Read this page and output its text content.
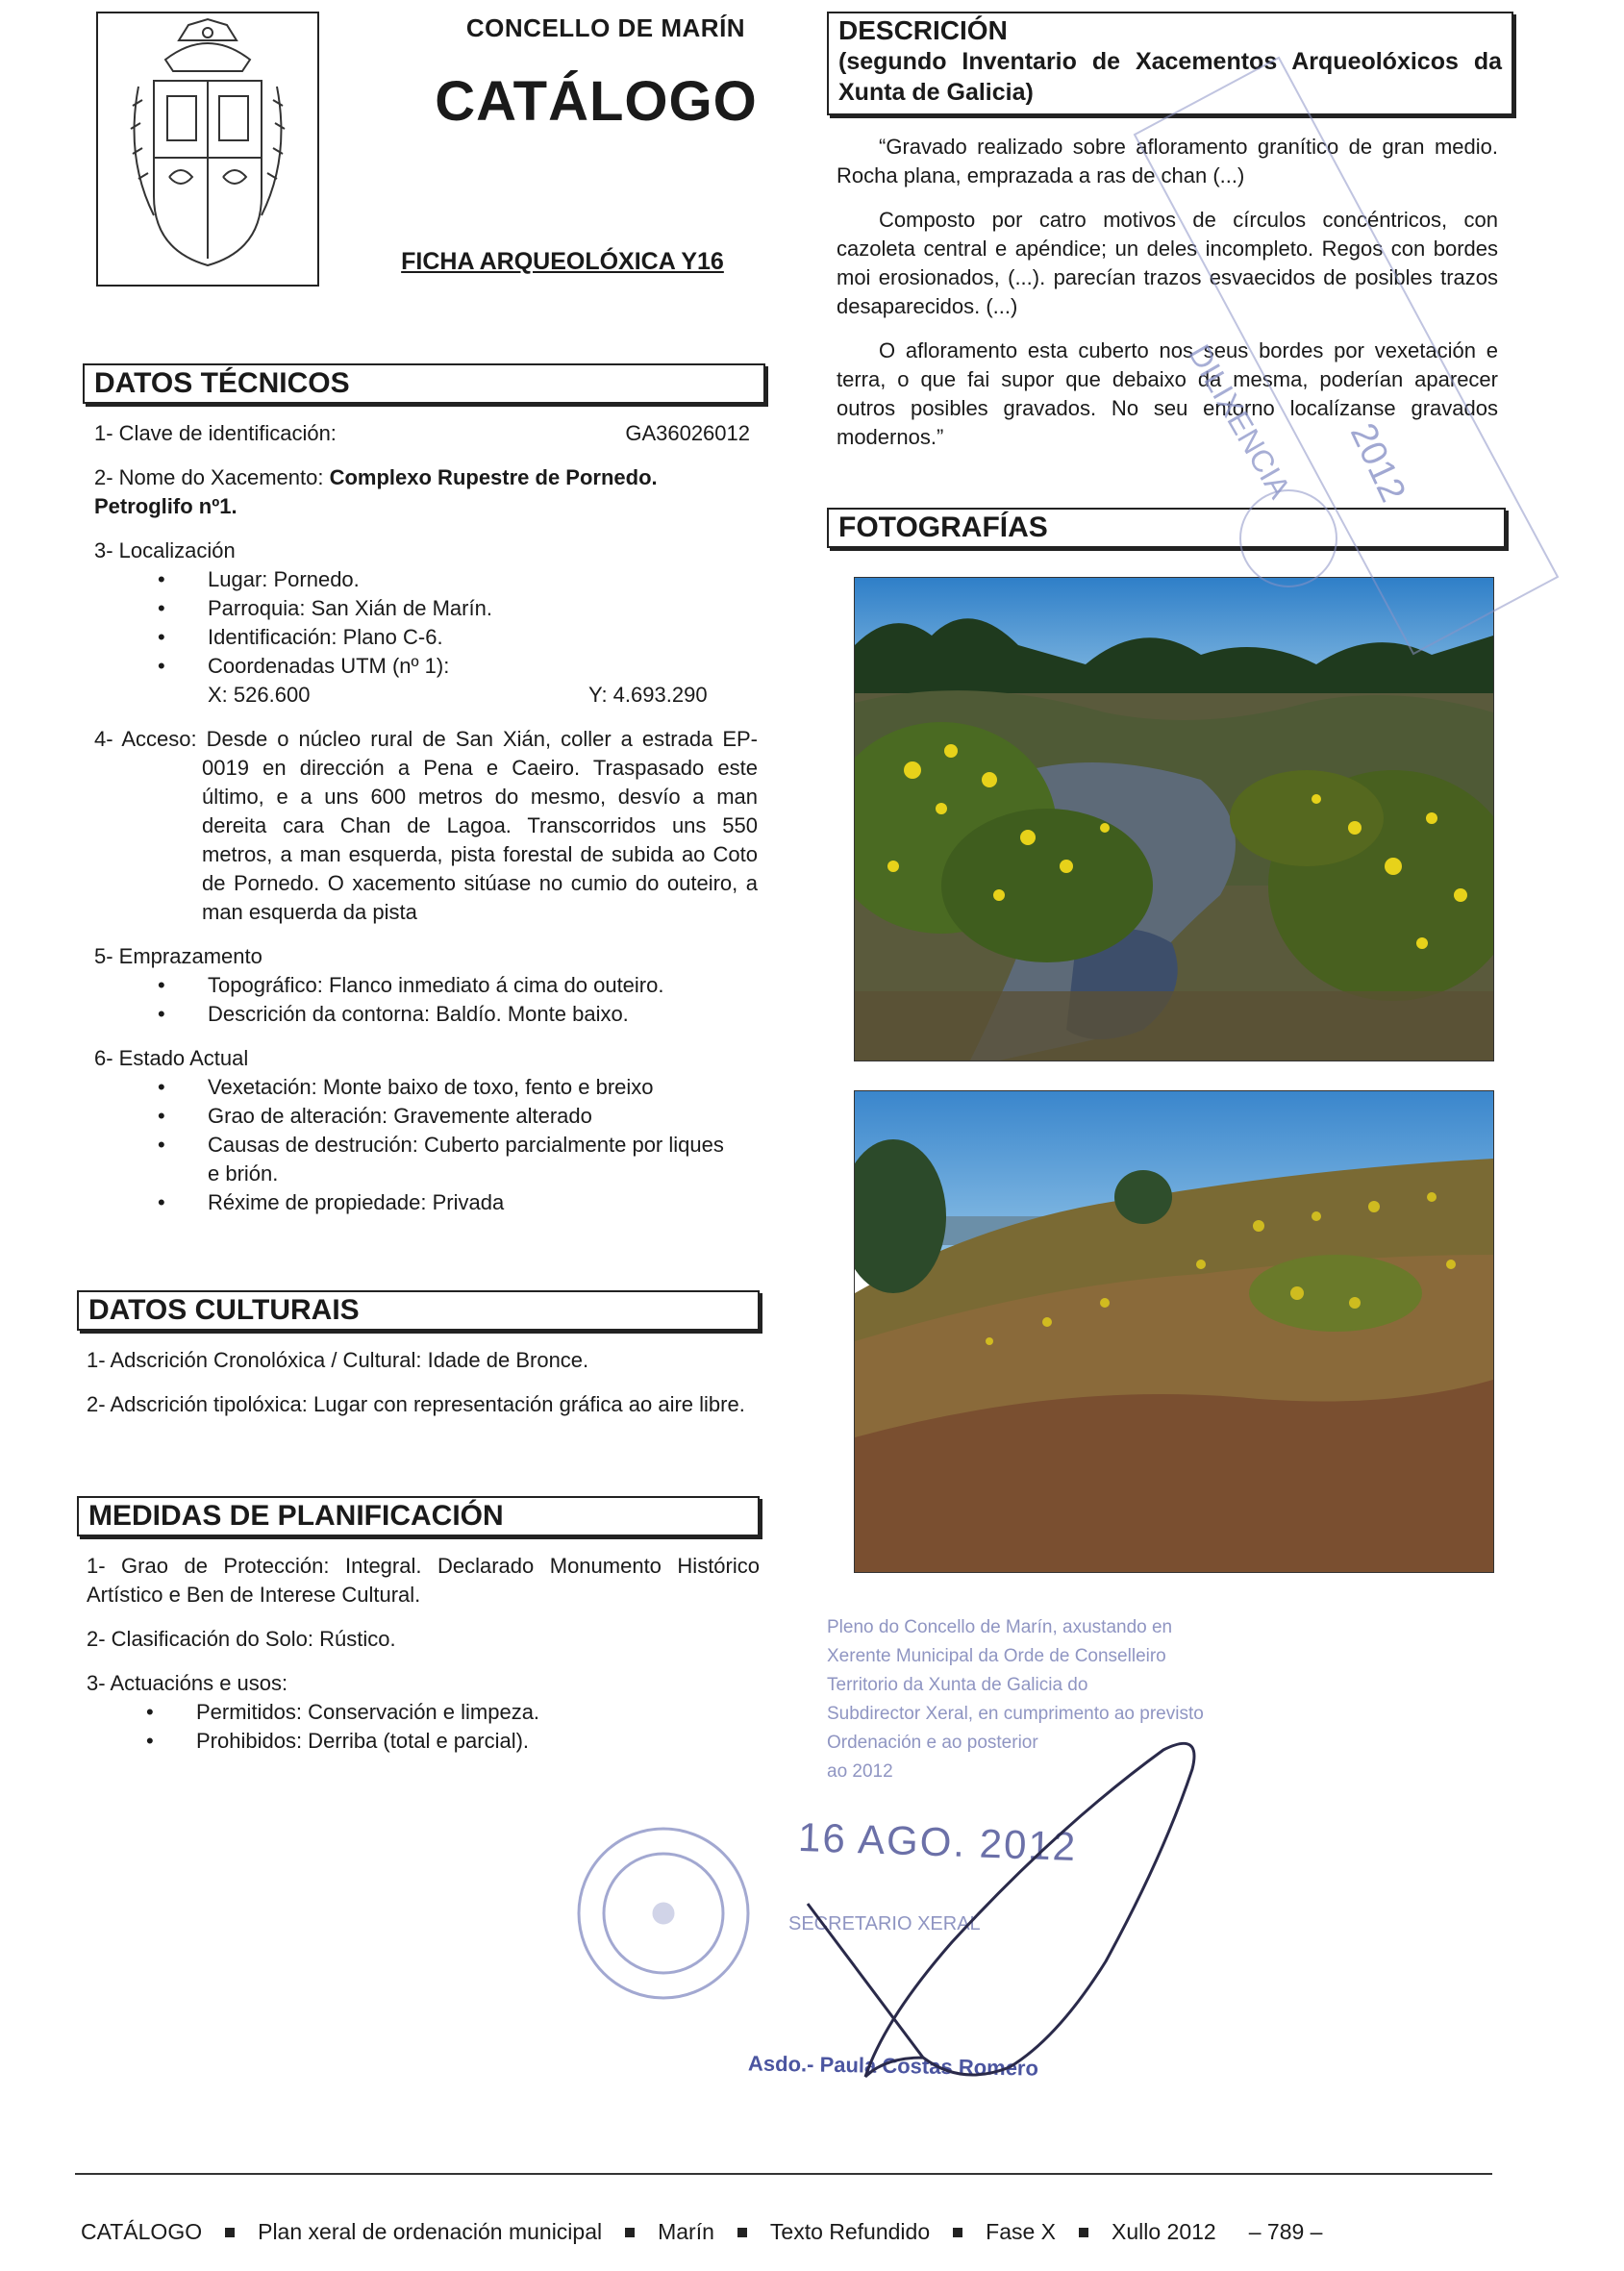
CONCELLO DE MARÍN
CATÁLOGO
FICHA ARQUEOLÓXICA Y16
DATOS TÉCNICOS
1- Clave de identificación:	GA36026012
2- Nome do Xacemento: Complexo Rupestre de Pornedo. Petroglifo nº1.
3- Localización
• Lugar: Pornedo.
• Parroquia: San Xián de Marín.
• Identificación: Plano C-6.
• Coordenadas UTM (nº 1):
X: 526.600	Y: 4.693.290
4- Acceso: Desde o núcleo rural de San Xián, coller a estrada EP-0019 en dirección a Pena e Caeiro. Traspasado este último, e a uns 600 metros do mesmo, desvío a man dereita cara Chan de Lagoa. Transcorridos uns 550 metros, a man esquerda, pista forestal de subida ao Coto de Pornedo. O xacemento sitúase no cumio do outeiro, a man esquerda da pista
5- Emprazamento
• Topográfico: Flanco inmediato á cima do outeiro.
• Descrición da contorna: Baldío. Monte baixo.
6- Estado Actual
• Vexetación: Monte baixo de toxo, fento e breixo
• Grao de alteración: Gravemente alterado
• Causas de destrución: Cuberto parcialmente por liques e brión.
• Réxime de propiedade: Privada
DATOS CULTURAIS
1- Adscrición Cronolóxica / Cultural: Idade de Bronce.
2- Adscrición tipolóxica: Lugar con representación gráfica ao aire libre.
MEDIDAS DE PLANIFICACIÓN
1- Grao de Protección: Integral. Declarado Monumento Histórico Artístico e Ben de Interese Cultural.
2- Clasificación do Solo: Rústico.
3- Actuacións e usos:
• Permitidos: Conservación e limpeza.
• Prohibidos: Derriba (total e parcial).
DESCRICIÓN
(segundo Inventario de Xacementos Arqueolóxicos da Xunta de Galicia)

“Gravado realizado sobre afloramento granítico de gran medio. Rocha plana, emprazada a ras de chan (...)

Composto por catro motivos de círculos concéntricos, con cazoleta central e apéndice; un deles incompleto. Regos con bordes moi erosionados, (...). parecían trazos esvaecidos de posibles trazos desaparecidos. (...)

O afloramento esta cuberto nos seus bordes por vexetación e terra, o que fai supor que debaixo da mesma, poderían aparecer outros posibles gravados. No seu entorno localízanse gravados modernos.”

FOTOGRAFÍAS
Pleno do Concello de Marín, axustando en
Xerente Municipal da Orde de Conselleiro
Territorio da Xunta de Galicia do
Subdirector Xeral, en cumprimento ao previsto
Ordenación e ao posterior
ao 2012
16 AGO. 2012
SECRETARIO XERAL
Asdo.- Paula Costas Romero
DILIXENCIA 2012
CATÁLOGO	Plan xeral de ordenación municipal	Marín	Texto Refundido	Fase X	Xullo 2012 – 789 –
